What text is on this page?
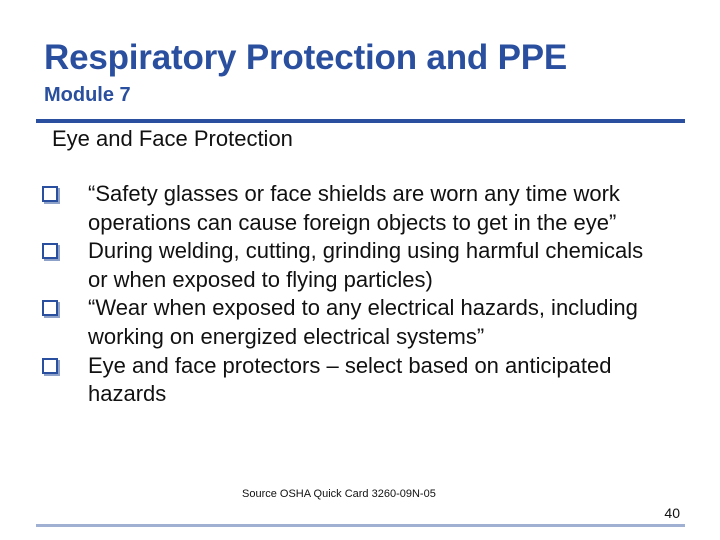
Respiratory Protection and PPE
Module 7
Eye and Face Protection
“Safety glasses or face shields are worn any time work operations can cause foreign objects to get in the eye”
During welding, cutting, grinding using harmful chemicals or when exposed to flying particles)
“Wear when exposed to any electrical hazards, including working on energized electrical systems”
Eye and face protectors – select based on anticipated hazards
Source OSHA Quick Card 3260-09N-05
40
